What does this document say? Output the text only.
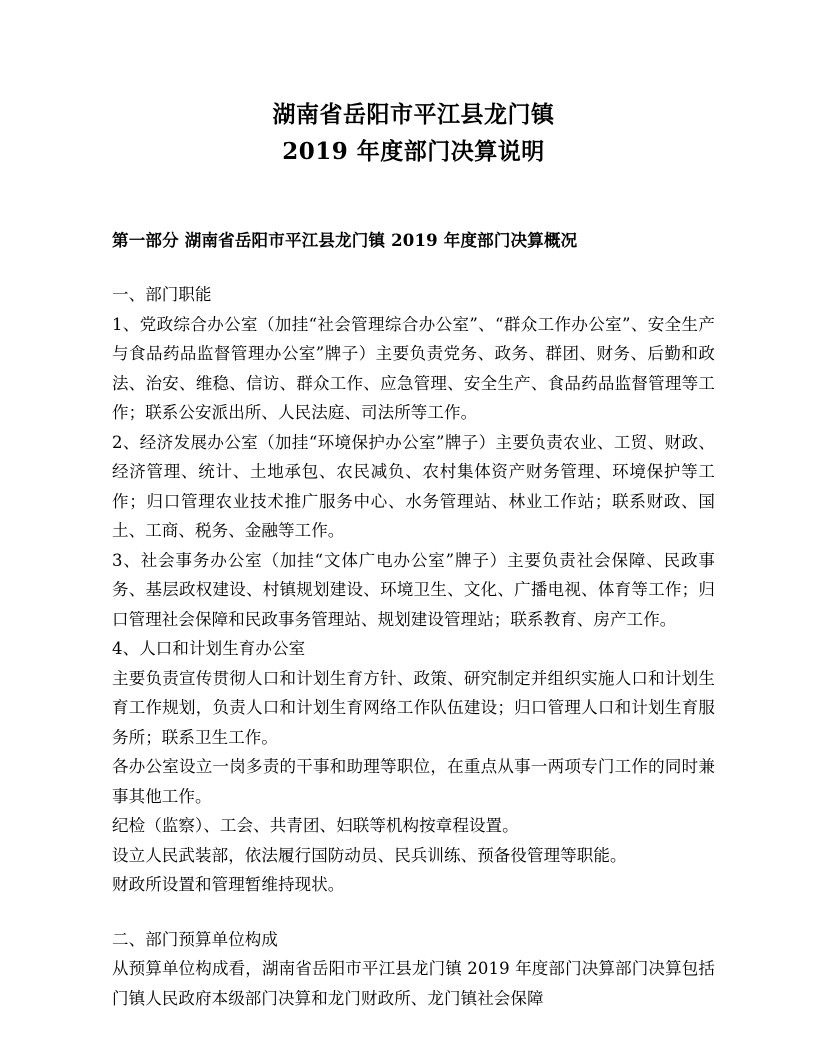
湖南省岳阳市平江县龙门镇
2019 年度部门决算说明
第一部分 湖南省岳阳市平江县龙门镇 2019 年度部门决算概况

一、部门职能

1、党政综合办公室（加挂“社会管理综合办公室”、“群众工作办公室”、安全生产与食品药品监督管理办公室”牌子）主要负责党务、政务、群团、财务、后勤和政法、治安、维稳、信访、群众工作、应急管理、安全生产、食品药品监督管理等工作；联系公安派出所、人民法庭、司法所等工作。

2、经济发展办公室（加挂“环境保护办公室”牌子）主要负责农业、工贸、财政、经济管理、统计、土地承包、农民减负、农村集体资产财务管理、环境保护等工作；归口管理农业技术推广服务中心、水务管理站、林业工作站；联系财政、国土、工商、税务、金融等工作。

3、社会事务办公室（加挂“文体广电办公室”牌子）主要负责社会保障、民政事务、基层政权建设、村镇规划建设、环境卫生、文化、广播电视、体育等工作；归口管理社会保障和民政事务管理站、规划建设管理站；联系教育、房产工作。

4、人口和计划生育办公室

主要负责宣传贯彻人口和计划生育方针、政策、研究制定并组织实施人口和计划生育工作规划，负责人口和计划生育网络工作队伍建设；归口管理人口和计划生育服务所；联系卫生工作。

各办公室设立一岗多责的干事和助理等职位，在重点从事一两项专门工作的同时兼事其他工作。

纪检（监察）、工会、共青团、妇联等机构按章程设置。

设立人民武装部，依法履行国防动员、民兵训练、预备役管理等职能。

财政所设置和管理暂维持现状。

二、部门预算单位构成

从预算单位构成看，湖南省岳阳市平江县龙门镇 2019 年度部门决算部门决算包括门镇人民政府本级部门决算和龙门财政所、龙门镇社会保障
